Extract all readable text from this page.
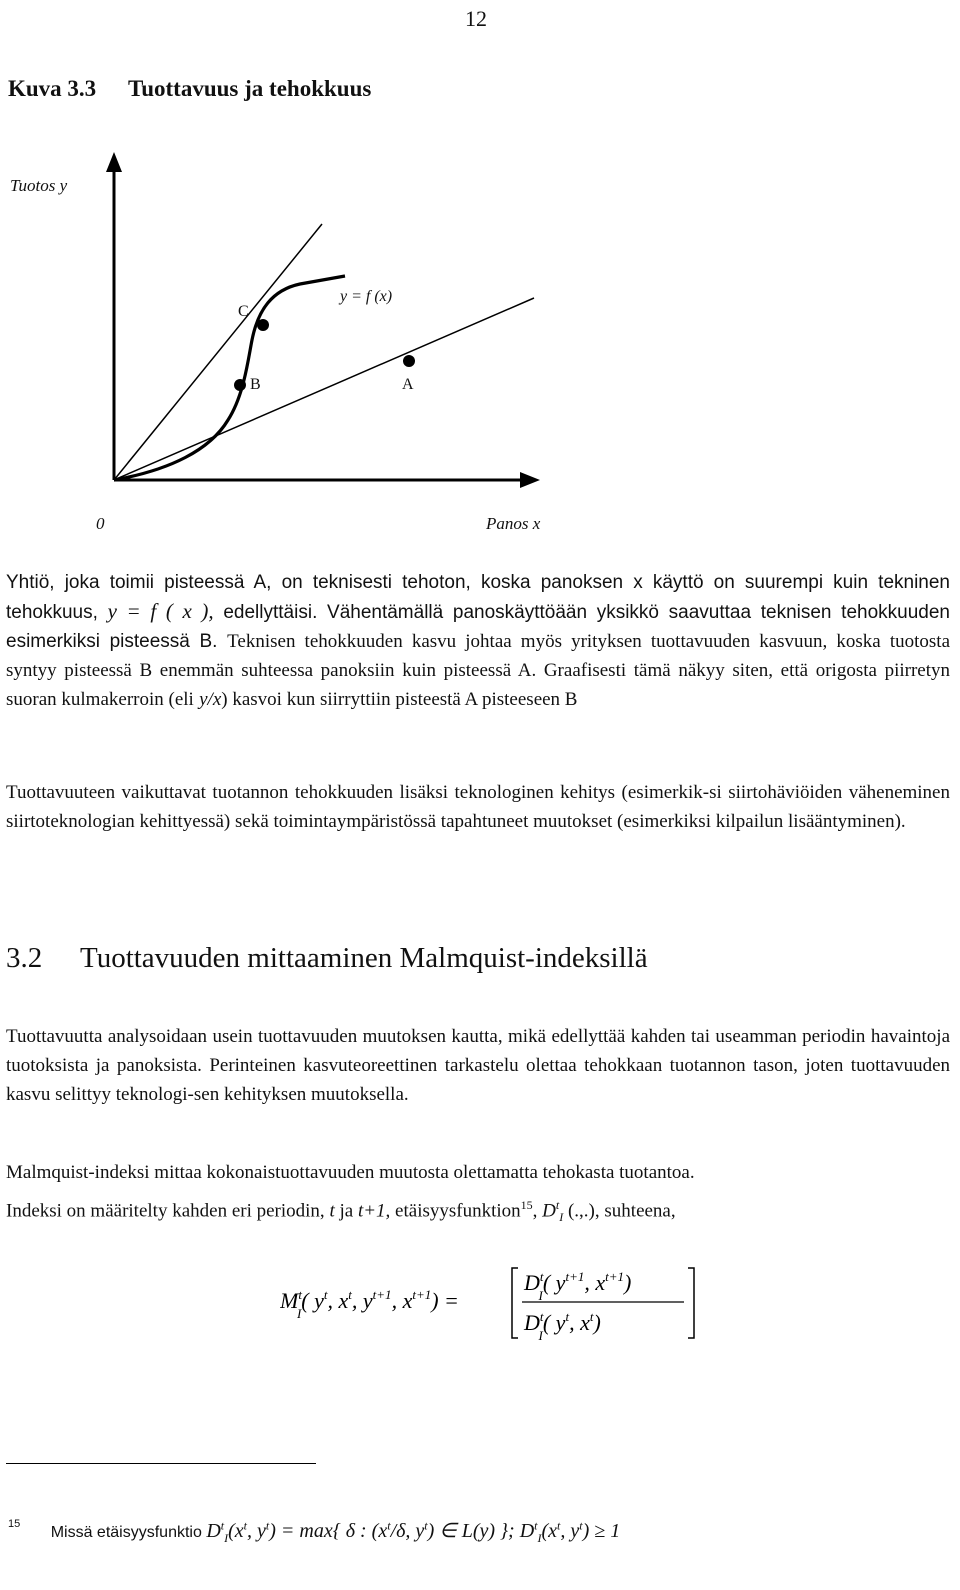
12
Kuva 3.3 Tuottavuus ja tehokkuus
Tuotos y
0	Panos x
y = f (x)
C
B	A
Yhtiö, joka toimii pisteessä A, on teknisesti tehoton, koska panoksen x käyttö on suurempi kuin tekninen tehokkuus, y = f ( x ), edellyttäisi. Vähentämällä panoskäyttöään yksikkö saavuttaa teknisen tehokkuuden esimerkiksi pisteessä B. Teknisen tehokkuuden kasvu johtaa myös yrityksen tuottavuuden kasvuun, koska tuotosta syntyy pisteessä B enemmän suhteessa panoksiin kuin pisteessä A. Graafisesti tämä näkyy siten, että origosta piirretyn suoran kulmakerroin (eli y/x) kasvoi kun siirryttiin pisteestä A pisteeseen B
Tuottavuuteen vaikuttavat tuotannon tehokkuuden lisäksi teknologinen kehitys (esimerkik-si siirtohäviöiden väheneminen siirtoteknologian kehittyessä) sekä toimintaympäristössä tapahtuneet muutokset (esimerkiksi kilpailun lisääntyminen).
3.2 Tuottavuuden mittaaminen Malmquist-indeksillä
Tuottavuutta analysoidaan usein tuottavuuden muutoksen kautta, mikä edellyttää kahden tai useamman periodin havaintoja tuotoksista ja panoksista. Perinteinen kasvuteoreettinen tarkastelu olettaa tehokkaan tuotannon tason, joten tuottavuuden kasvu selittyy teknologi-sen kehityksen muutoksella.
Malmquist-indeksi mittaa kokonaistuottavuuden muutosta olettamatta tehokasta tuotantoa.
Indeksi on määritelty kahden eri periodin, t ja t+1, etäisyysfunktion$^{15}$, $D^t_I$ (.,.), suhteena,
$M^t$ I( $y^t$, $x^t$, $y^{t+1}$, $x^{t+1}$) =
$D^t$ I( $y^{t+1}$, $x^{t+1}$)
$D^t$ I( $y^t$, $x^t$)
$^{15}$ Missä etäisyysfunktio $D^t_I(x^t$, $y^t) = \max${ δ : ($x^t/\delta$, $y^t$) ∈ L(y) }; $D^t_I(x^t$, $y^t) \ge 1$
